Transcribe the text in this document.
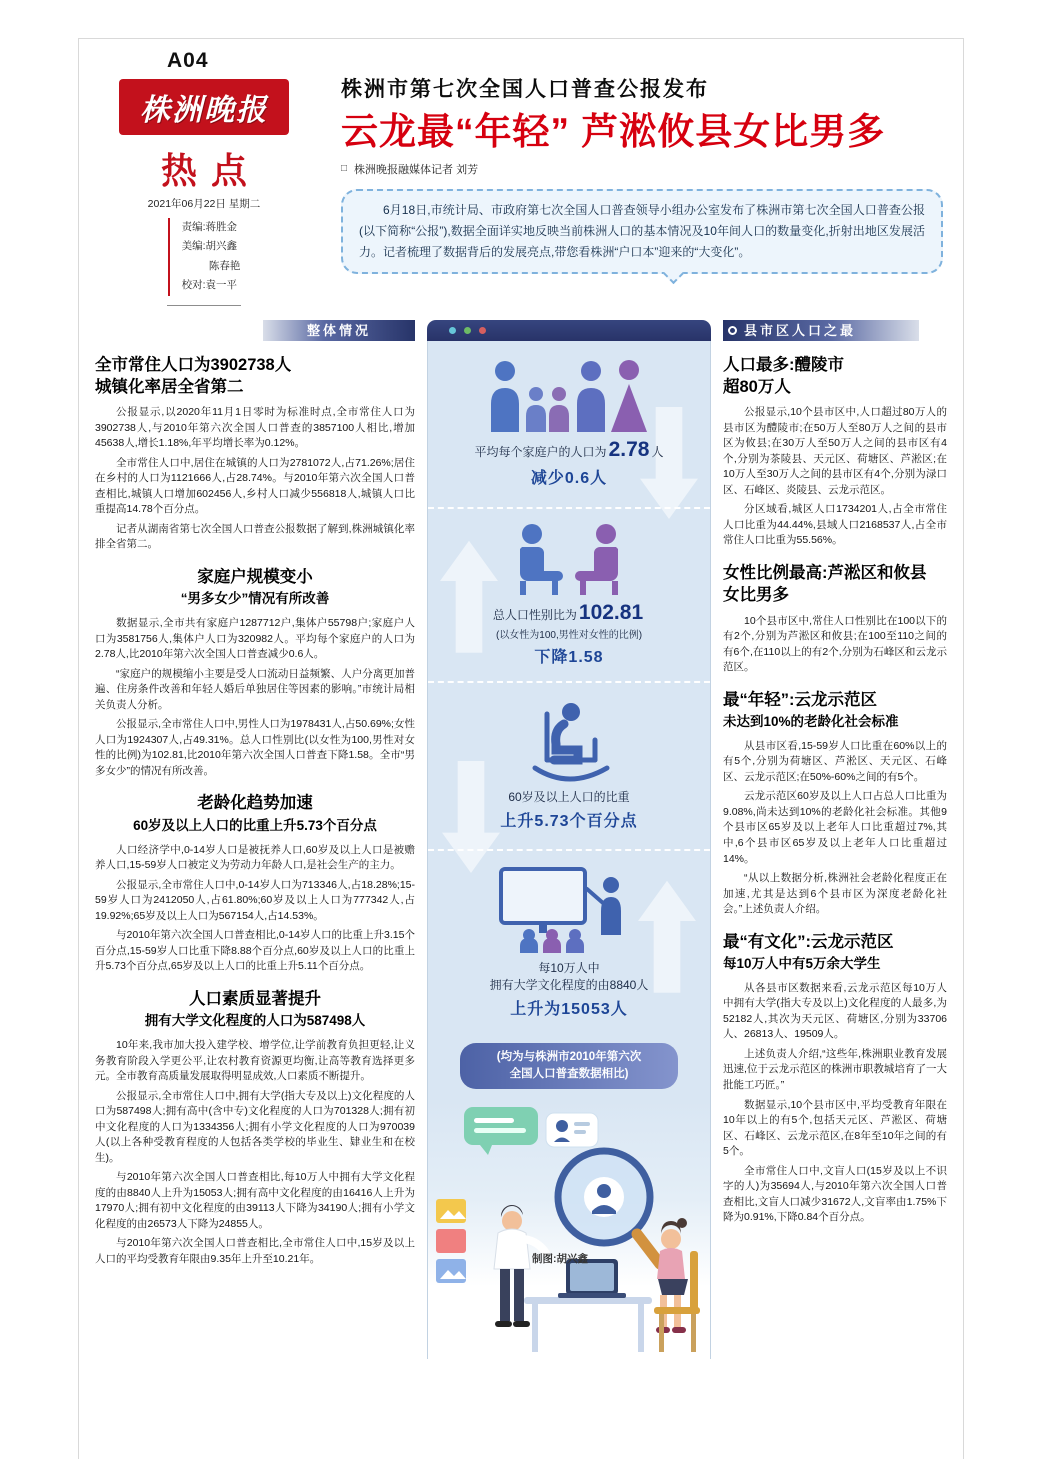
A04
株洲晚报
热点
2021年06月22日 星期二
责编:蒋胜金
美编:胡兴鑫
陈春艳
校对:袁一平
株洲市第七次全国人口普查公报发布
云龙最“年轻” 芦淞攸县女比男多
□ 株洲晚报融媒体记者 刘芳

6月18日,市统计局、市政府第七次全国人口普查领导小组办公室发布了株洲市第七次全国人口普查公报(以下简称“公报”),数据全面详实地反映当前株洲人口的基本情况及10年间人口的数量变化,折射出地区发展活力。记者梳理了数据背后的发展亮点,带您看株洲“户口本”迎来的“大变化”。

整体情况
全市常住人口为3902738人
城镇化率居全省第二

公报显示,以2020年11月1日零时为标准时点,全市常住人口为3902738人,与2010年第六次全国人口普查的3857100人相比,增加45638人,增长1.18%,年平均增长率为0.12%。

全市常住人口中,居住在城镇的人口为2781072人,占71.26%;居住在乡村的人口为1121666人,占28.74%。与2010年第六次全国人口普查相比,城镇人口增加602456人,乡村人口减少556818人,城镇人口比重提高14.78个百分点。

记者从湖南省第七次全国人口普查公报数据了解到,株洲城镇化率排全省第二。

家庭户规模变小
“男多女少”情况有所改善

数据显示,全市共有家庭户1287712户,集体户55798户;家庭户人口为3581756人,集体户人口为320982人。平均每个家庭户的人口为2.78人,比2010年第六次全国人口普查减少0.6人。

“家庭户的规模缩小主要是受人口流动日益频繁、人户分离更加普遍、住房条件改善和年轻人婚后单独居住等因素的影响。”市统计局相关负责人分析。

公报显示,全市常住人口中,男性人口为1978431人,占50.69%;女性人口为1924307人,占49.31%。总人口性别比(以女性为100,男性对女性的比例)为102.81,比2010年第六次全国人口普查下降1.58。全市“男多女少”的情况有所改善。

老龄化趋势加速
60岁及以上人口的比重上升5.73个百分点

人口经济学中,0-14岁人口是被抚养人口,60岁及以上人口是被赡养人口,15-59岁人口被定义为劳动力年龄人口,是社会生产的主力。

公报显示,全市常住人口中,0-14岁人口为713346人,占18.28%;15-59岁人口为2412050人,占61.80%;60岁及以上人口为777342人,占19.92%;65岁及以上人口为567154人,占14.53%。

与2010年第六次全国人口普查相比,0-14岁人口的比重上升3.15个百分点,15-59岁人口比重下降8.88个百分点,60岁及以上人口的比重上升5.73个百分点,65岁及以上人口的比重上升5.11个百分点。

人口素质显著提升
拥有大学文化程度的人口为587498人

10年来,我市加大投入建学校、增学位,让学前教育负担更轻,让义务教育阶段入学更公平,让农村教育资源更均衡,让高等教育选择更多元。全市教育高质量发展取得明显成效,人口素质不断提升。

公报显示,全市常住人口中,拥有大学(指大专及以上)文化程度的人口为587498人;拥有高中(含中专)文化程度的人口为701328人;拥有初中文化程度的人口为1334356人;拥有小学文化程度的人口为970039人(以上各种受教育程度的人包括各类学校的毕业生、肄业生和在校生)。

与2010年第六次全国人口普查相比,每10万人中拥有大学文化程度的由8840人上升为15053人;拥有高中文化程度的由16416人上升为17970人;拥有初中文化程度的由39113人下降为34190人;拥有小学文化程度的由26573人下降为24855人。

与2010年第六次全国人口普查相比,全市常住人口中,15岁及以上人口的平均受教育年限由9.35年上升至10.21年。

平均每个家庭户的人口为2.78 人
减少0.6人
总人口性别比为102.81
(以女性为100,男性对女性的比例)
下降1.58
60岁及以上人口的比重
上升5.73个百分点
每10万人中
拥有大学文化程度的由8840人
上升为15053人
(均为与株洲市2010年第六次
全国人口普查数据相比)
制图:胡兴鑫
县市区人口之最
人口最多:醴陵市
超80万人

公报显示,10个县市区中,人口超过80万人的县市区为醴陵市;在50万人至80万人之间的县市区为攸县;在30万人至50万人之间的县市区有4个,分别为茶陵县、天元区、荷塘区、芦淞区;在10万人至30万人之间的县市区有4个,分别为渌口区、石峰区、炎陵县、云龙示范区。

分区域看,城区人口1734201人,占全市常住人口比重为44.44%,县域人口2168537人,占全市常住人口比重为55.56%。

女性比例最高:芦淞区和攸县
女比男多

10个县市区中,常住人口性别比在100以下的有2个,分别为芦淞区和攸县;在100至110之间的有6个,在110以上的有2个,分别为石峰区和云龙示范区。

最“年轻”:云龙示范区
未达到10%的老龄化社会标准

从县市区看,15-59岁人口比重在60%以上的有5个,分别为荷塘区、芦淞区、天元区、石峰区、云龙示范区;在50%-60%之间的有5个。

云龙示范区60岁及以上人口占总人口比重为9.08%,尚未达到10%的老龄化社会标准。其他9个县市区65岁及以上老年人口比重超过7%,其中,6个县市区65岁及以上老年人口比重超过14%。

“从以上数据分析,株洲社会老龄化程度正在加速,尤其是达到6个县市区为深度老龄化社会。”上述负责人介绍。

最“有文化”:云龙示范区
每10万人中有5万余大学生

从各县市区数据来看,云龙示范区每10万人中拥有大学(指大专及以上)文化程度的人最多,为52182人,其次为天元区、荷塘区,分别为33706人、26813人、19509人。

上述负责人介绍,“这些年,株洲职业教育发展迅速,位于云龙示范区的株洲市职教城培育了一大批能工巧匠。”

数据显示,10个县市区中,平均受教育年限在10年以上的有5个,包括天元区、芦淞区、荷塘区、石峰区、云龙示范区,在8年至10年之间的有5个。

全市常住人口中,文盲人口(15岁及以上不识字的人)为35694人,与2010年第六次全国人口普查相比,文盲人口减少31672人,文盲率由1.75%下降为0.91%,下降0.84个百分点。
